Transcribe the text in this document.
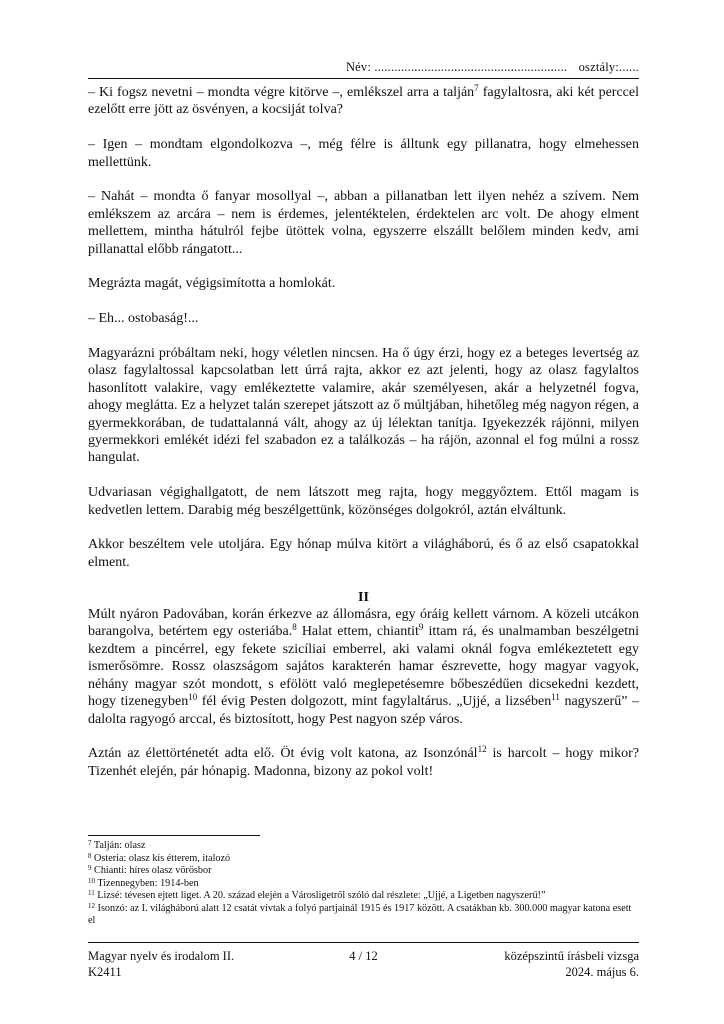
Név: .......................................................... osztály:......

– Ki fogsz nevetni – mondta végre kitörve –, emlékszel arra a talján$^7$ fagylaltosra, aki két perccel ezelőtt erre jött az ösvényen, a kocsiját tolva?

– Igen – mondtam elgondolkozva –, még félre is álltunk egy pillanatra, hogy elmehessen mellettünk.

– Nahát – mondta ő fanyar mosollyal –, abban a pillanatban lett ilyen nehéz a szívem. Nem emlékszem az arcára – nem is érdemes, jelentéktelen, érdektelen arc volt. De ahogy elment mellettem, mintha hátulról fejbe ütöttek volna, egyszerre elszállt belőlem minden kedv, ami pillanattal előbb rángatott...

Megrázta magát, végigsimította a homlokát.

– Eh... ostobaság!...

Magyarázni próbáltam neki, hogy véletlen nincsen. Ha ő úgy érzi, hogy ez a beteges levertség az olasz fagylaltossal kapcsolatban lett úrrá rajta, akkor ez azt jelenti, hogy az olasz fagylaltos hasonlított valakire, vagy emlékeztette valamire, akár személyesen, akár a helyzetnél fogva, ahogy meglátta. Ez a helyzet talán szerepet játszott az ő múltjában, hihetőleg még nagyon régen, a gyermekkorában, de tudattalanná vált, ahogy az új lélektan tanítja. Igyekezzék rájönni, milyen gyermekkori emlékét idézi fel szabadon ez a találkozás – ha rájön, azonnal el fog múlni a rossz hangulat.

Udvariasan végighallgatott, de nem látszott meg rajta, hogy meggyőztem. Ettől magam is kedvetlen lettem. Darabig még beszélgettünk, közönséges dolgokról, aztán elváltunk.

Akkor beszéltem vele utoljára. Egy hónap múlva kitört a világháború, és ő az első csapatokkal elment.

II

Múlt nyáron Padovában, korán érkezve az állomásra, egy óráig kellett várnom. A közeli utcákon barangolva, betértem egy osteriába.$^8$ Halat ettem, chiantit$^9$ ittam rá, és unalmamban beszélgetni kezdtem a pincérrel, egy fekete szicíliai emberrel, aki valami oknál fogva emlékeztetett egy ismerősömre. Rossz olaszságom sajátos karakterén hamar észrevette, hogy magyar vagyok, néhány magyar szót mondott, s efölött való meglepetésemre bőbeszédűen dicsekedni kezdett, hogy tizenegyben$^{10}$ fél évig Pesten dolgozott, mint fagylaltárus. „Ujjé, a lizsében$^{11}$ nagyszerű” – dalolta ragyogó arccal, és biztosított, hogy Pest nagyon szép város.

Aztán az élettörténetét adta elő. Öt évig volt katona, az Isonzónál$^{12}$ is harcolt – hogy mikor? Tizenhét elején, pár hónapig. Madonna, bizony az pokol volt!

$^7$ Talján: olasz
$^8$ Osteria: olasz kis étterem, italozó
$^9$ Chianti: híres olasz vörösbor
$^{10}$ Tizennegyben: 1914-ben
$^{11}$ Lizsé: tévesen ejtett liget. A 20. század elején a Városligetről szóló dal részlete: „Ujjé, a Ligetben nagyszerű!”
$^{12}$ Isonzó: az I. világháború alatt 12 csatát vívtak a folyó partjainál 1915 és 1917 között. A csatákban kb. 300.000 magyar katona esett el
Magyar nyelv és irodalom II.
K2411
4 / 12	középszintű írásbeli vizsga
2024. május 6.
